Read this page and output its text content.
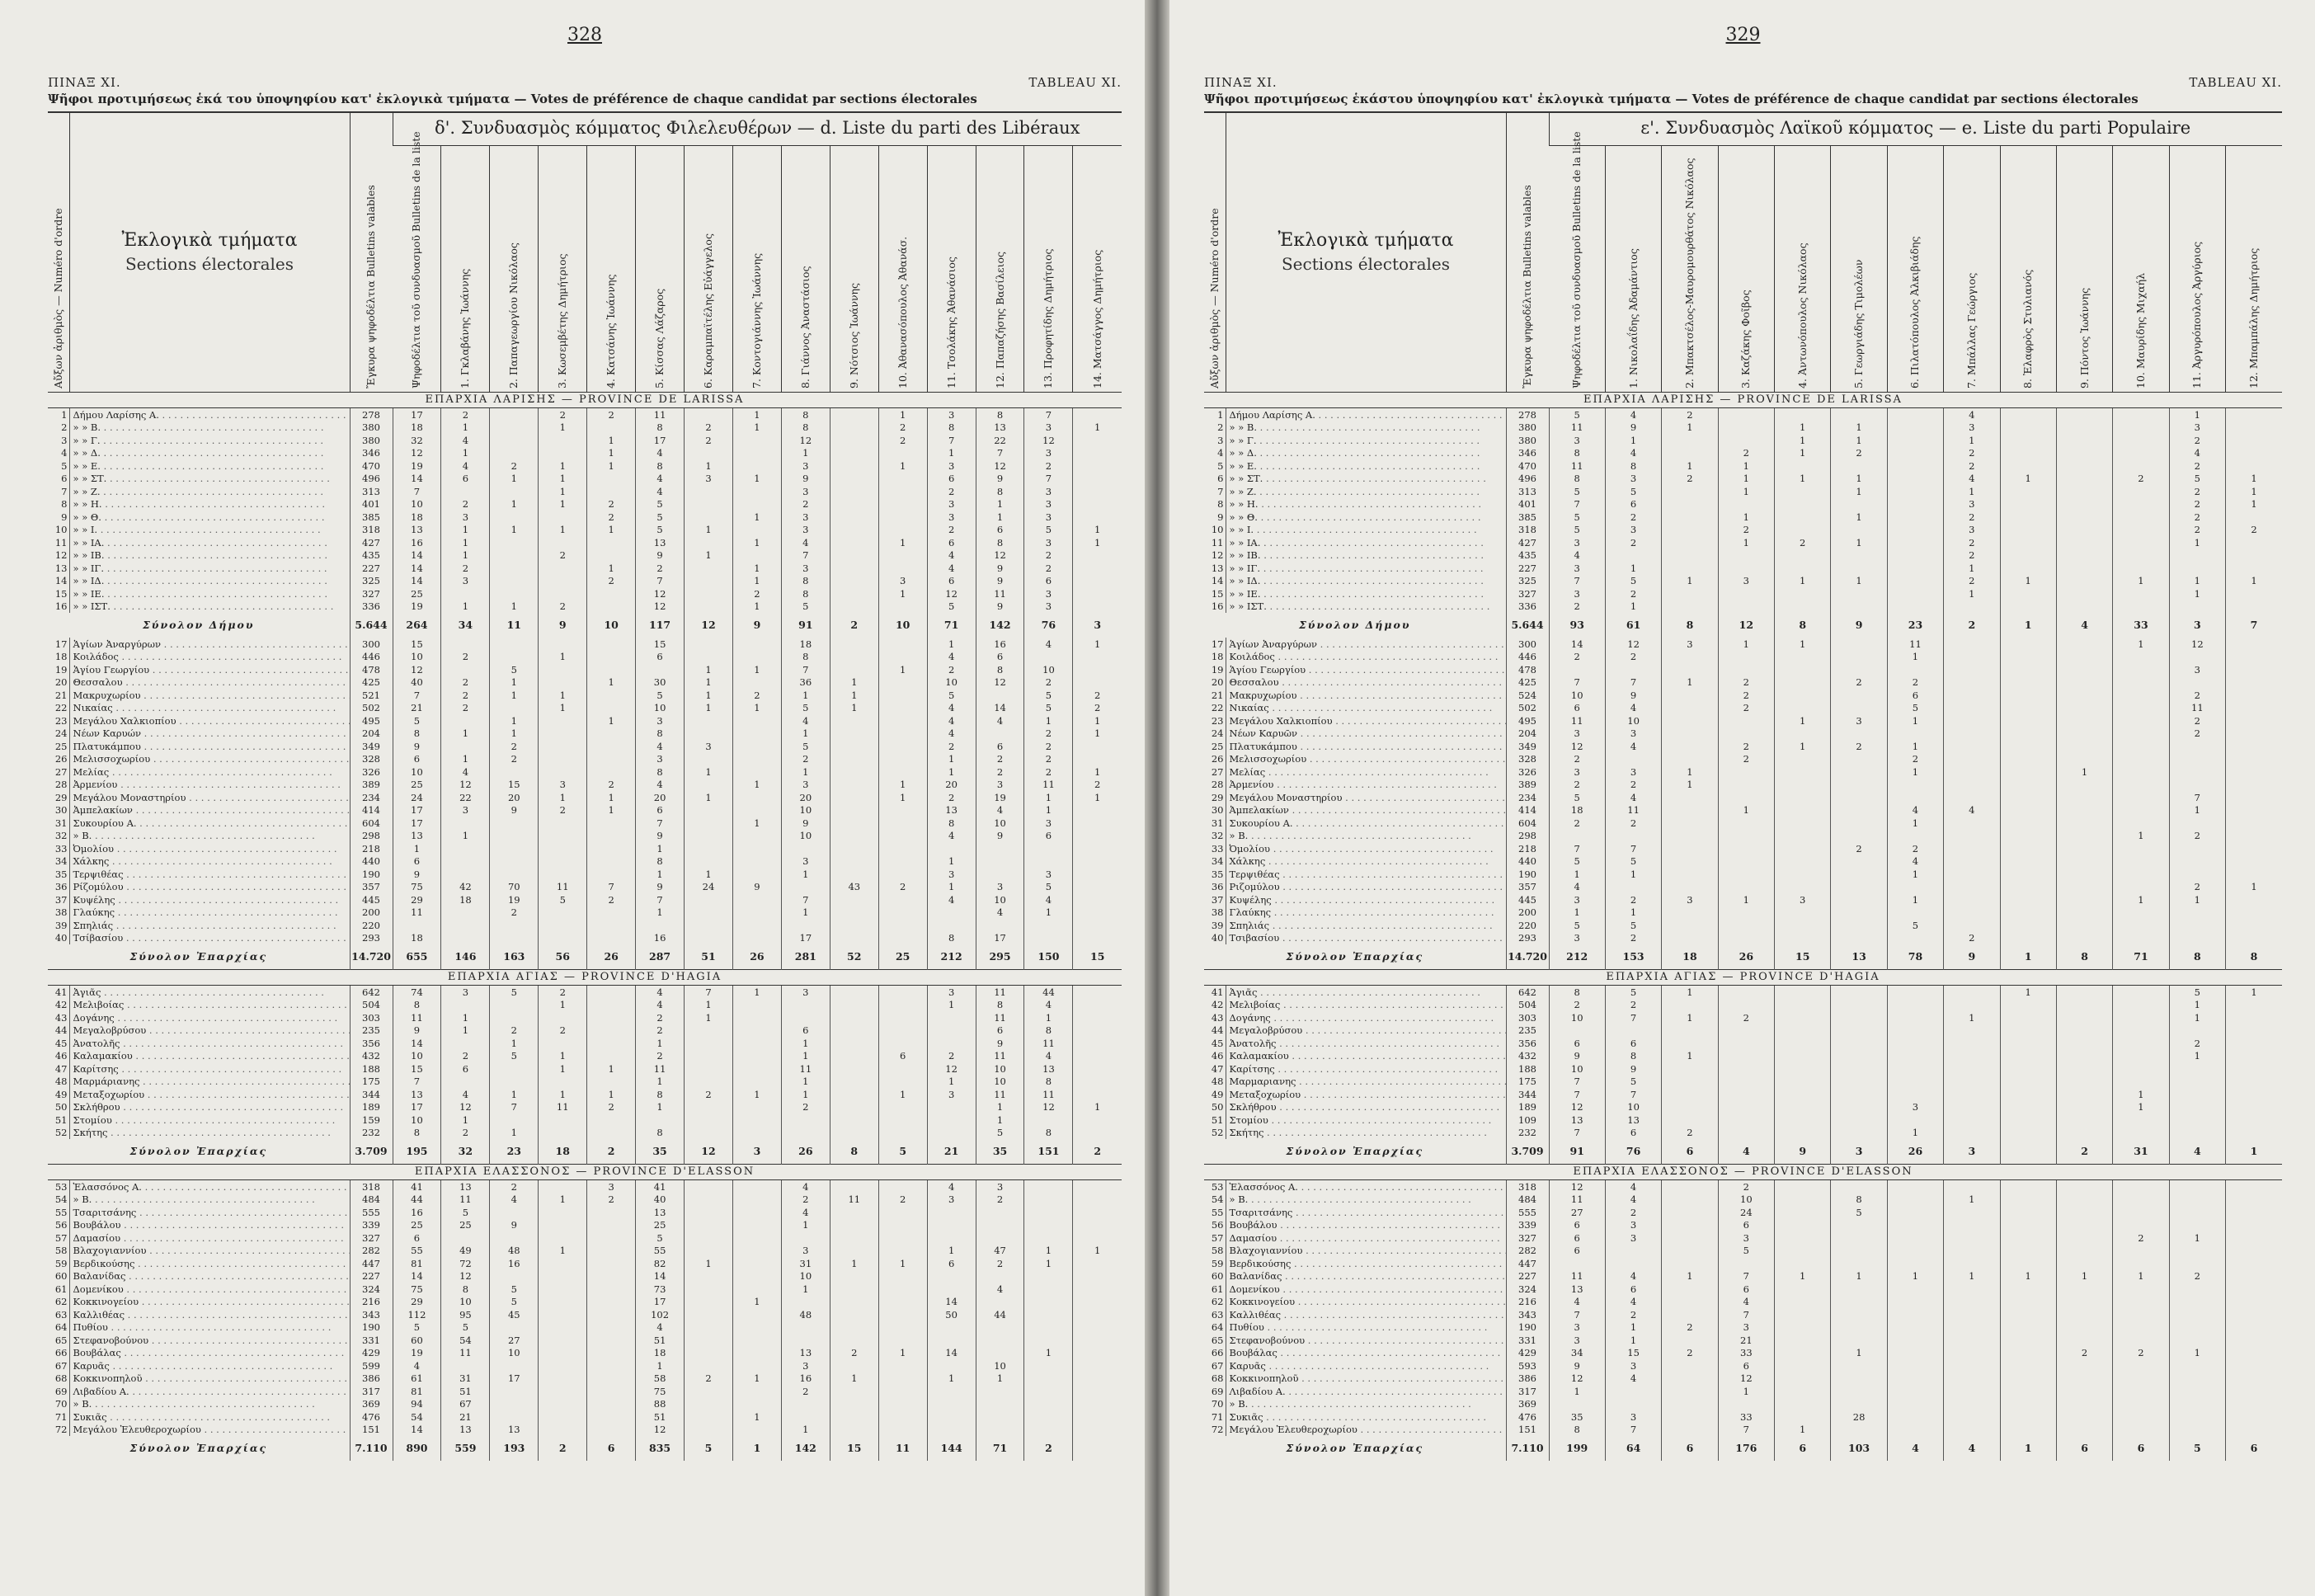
328
ΠΙΝΑΞ XI.	TABLEAU XI.
Ψῆφοι προτιμήσεως ἑκά του ὑποψηφίου κατ' ἐκλογικὰ τμήματα — Votes de préférence de chaque candidat par sections électorales
Αὔξων ἀριθμὸς — Numéro d'ordre	Ἐκλογικὰ τμήματα
Sections électorales	Ἔγκυρα ψηφοδέλτια Bulletins valables	δ'. Συνδυασμὸς κόμματος Φιλελευθέρων — d. Liste du parti des Libéraux														

			Ψηφοδέλτια τοῦ συνδυασμοῦ Bulletins de la liste	1. Γκλαβάνης Ἰωάννης	2. Παπαγεωργίου Νικόλαος	3. Κωσεμβέτης Δημήτριος	4. Κατσάνης Ἰωάννης	5. Κίσσας Λάζαρος	6. Καραμπαϊτέλης Εὐάγγελος	7. Κοντογιάννης Ἰωάννης	8. Γιάννος Ἀναστάσιος	9. Νότσιος Ἰωάννης	10. Ἀθανασόπουλος Ἀθανάσ.	11. Τσολάκης Ἀθανάσιος	12. Παπαζήσης Βασίλειος	13. Προφητίδης Δημήτριος	14. Ματσάγγος Δημήτριος

ΕΠΑΡΧΙΑ ΛΑΡΙΣΗΣ — PROVINCE DE LARISSA																	
1	Δήμου Λαρίσης Α. . . .	278	17	2		2	2	11		1	8		1	3	8	7	
2	» » Β. . . .	380	18	1		1		8	2	1	8		2	8	13	3	1
3	» » Γ. . . .	380	32	4			1	17	2		12		2	7	22	12	
4	» » Δ. . . .	346	12	1			1	4			1			1	7	3	
5	» » Ε. . . .	470	19	4	2	1	1	8	1		3		1	3	12	2	
6	» » ΣΤ. . . .	496	14	6	1	1		4	3	1	9			6	9	7	
7	» » Ζ. . . .	313	7			1		4			3			2	8	3	
8	» » Η. . . .	401	10	2	1	1	2	5			2			3	1	3	
9	» » Θ. . . .	385	18	3			2	5		1	3			3	1	3	
10	» » Ι. . . .	318	13	1	1	1	1	5	1		3			2	6	5	1
11	» » ΙΑ. . . .	427	16	1				13		1	4		1	6	8	3	1
12	» » ΙΒ. . . .	435	14	1		2		9	1		7			4	12	2	
13	» » ΙΓ. . . .	227	14	2			1	2		1	3			4	9	2	
14	» » ΙΔ. . . .	325	14	3			2	7		1	8		3	6	9	6	
15	» » ΙΕ. . . .	327	25					12		2	8		1	12	11	3	
16	» » ΙΣΤ. . . .	336	19	1	1	2		12		1	5			5	9	3	
Σύνολον Δήμου		5.644	264	34	11	9	10	117	12	9	91	2	10	71	142	76	3
17	Ἁγίων Ἀναργύρων . . .	300	15					15			18			1	16	4	1
18	Κοιλάδος . . .	446	10	2		1		6			8			4	6		
19	Ἁγίου Γεωργίου . . .	478	12		5				1	1	7		1	2	8	10	
20	Θεσσαλου . . .	425	40	2	1		1	30	1		36	1		10	12	2	
21	Μακρυχωρίου . . .	521	7	2	1	1		5	1	2	1	1		5		5	2
22	Νικαίας . . .	502	21	2		1		10	1	1	5	1		4	14	5	2
23	Μεγάλου Χαλκιοπίου . . .	495	5		1		1	3			4			4	4	1	1
24	Νέων Καρυών . . .	204	8	1	1			8			1			4		2	1
25	Πλατυκάμπου . . .	349	9		2			4	3		5			2	6	2	
26	Μελισσοχωρίου . . .	328	6	1	2			3			2			1	2	2	
27	Μελίας . . .	326	10	4				8	1		1			1	2	2	1
28	Ἀρμενίου . . .	389	25	12	15	3	2	4		1	3		1	20	3	11	2
29	Μεγάλου Μοναστηρίου . . .	234	24	22	20	1	1	20	1		20		1	2	19	1	1
30	Ἀμπελακίων . . .	414	17	3	9	2	1	6			10			13	4	1	
31	Συκουρίου Α. . . .	604	17					7		1	9			8	10	3	
32	» Β. . . .	298	13	1				9			10			4	9	6	
33	Ὀμολίου . . .	218	1					1									
34	Χάλκης . . .	440	6					8			3			1			
35	Τερψιθέας . . .	190	9					1	1		1			3		3	
36	Ρίζομύλου . . .	357	75	42	70	11	7	9	24	9		43	2	1	3	5	
37	Κυψέλης . . .	445	29	18	19	5	2	7			7			4	10	4	
38	Γλαύκης . . .	200	11		2			1			1				4	1	
39	Σπηλιάς . . .	220															
40	Τσίβασίου . . .	293	18					16			17			8	17		
Σύνολον Ἐπαρχίας		14.720	655	146	163	56	26	287	51	26	281	52	25	212	295	150	15
ΕΠΑΡΧΙΑ ΑΓΙΑΣ — PROVINCE D'HAGIA																	
41	Ἀγιᾶς . . .	642	74	3	5	2		4	7	1	3			3	11	44	
42	Μελιβοίας . . .	504	8			1		4	1					1	8	4	
43	Δογάνης . . .	303	11	1				2	1						11	1	
44	Μεγαλοβρύσου . . .	235	9	1	2	2		2			6				6	8	
45	Ἀνατολῆς . . .	356	14		1			1			1				9	11	
46	Καλαμακίου . . .	432	10	2	5	1		2			1		6	2	11	4	
47	Καρίτσης . . .	188	15	6		1	1	11			11			12	10	13	
48	Μαρμάριανης . . .	175	7					1			1			1	10	8	
49	Μεταξοχωρίου . . .	344	13	4	1	1	1	8	2	1	1		1	3	11	11	
50	Σκλήθρου . . .	189	17	12	7	11	2	1			2				1	12	1
51	Στομίου . . .	159	10	1											1		
52	Σκήτης . . .	232	8	2	1			8							5	8	
Σύνολον Ἐπαρχίας		3.709	195	32	23	18	2	35	12	3	26	8	5	21	35	151	2
ΕΠΑΡΧΙΑ ΕΛΑΣΣΟΝΟΣ — PROVINCE D'ELASSON																	
53	Ἐλασσόνος Α. . . .	318	41	13	2		3	41			4			4	3		
54	» Β. . . .	484	44	11	4	1	2	40			2	11	2	3	2		
55	Τσαριτσάνης . . .	555	16	5				13			4						
56	Βουβάλου . . .	339	25	25	9			25			1						
57	Δαμασίου . . .	327	6					5									
58	Βλαχογιαννίου . . .	282	55	49	48	1		55			3			1	47	1	1
59	Βερδικούσης . . .	447	81	72	16			82	1		31	1	1	6	2	1	
60	Βαλανίδας . . .	227	14	12				14			10						
61	Δομενίκου . . .	324	75	8	5			73			1				4		
62	Κοκκινογείου . . .	216	29	10	5			17		1				14			
63	Καλλιθέας . . .	343	112	95	45			102			48			50	44		
64	Πυθίου . . .	190	5	5				4									
65	Στεφανοβούνου . . .	331	60	54	27			51									
66	Βουβάλας . . .	429	19	11	10			18			13	2	1	14		1	
67	Καρυᾶς . . .	599	4					1			3				10		
68	Κοκκινοπηλοῦ . . .	386	61	31	17			58	2	1	16	1		1	1		
69	Λιβαδίου Α. . . .	317	81	51				75			2						
70	» Β. . . .	369	94	67				88									
71	Συκιᾶς . . .	476	54	21				51		1							
72	Μεγάλου Ἐλευθεροχωρίου . . .	151	14	13	13			12			1						
Σύνολον Ἐπαρχίας		7.110	890	559	193	2	6	835	5	1	142	15	11	144	71	2	
329
ΠΙΝΑΞ XI.	TABLEAU XI.
Ψῆφοι προτιμήσεως ἑκάστου ὑποψηφίου κατ' ἐκλογικὰ τμήματα — Votes de préférence de chaque candidat par sections électorales
Αὔξων ἀριθμὸς — Numéro d'ordre	Ἐκλογικὰ τμήματα
Sections électorales	Ἔγκυρα ψηφοδέλτια Bulletins valables	ε'. Συνδυασμὸς Λαϊκοῦ κόμματος — e. Liste du parti Populaire												

			Ψηφοδέλτια τοῦ συνδυασμοῦ Bulletins de la liste	1. Νικολαΐδης Ἀδαμάντιος	2. Μπακτσέλος-Μαυρομουρθάτος Νικόλαος	3. Καζάκης Φοῖβος	4. Ἀντωνόπουλος Νικόλαος	5. Γεωργιάδης Τιμολέων	6. Πιλατόπουλος Ἀλκιβιάδης	7. Μπάλλας Γεώργιος	8. Ἐλαφρὸς Στυλιανός	9. Πόντος Ἰωάννης	10. Μαυρίδης Μιχαήλ	11. Ἀργυρόπουλος Ἀργύριος	12. Μπαμπάλης Δημήτριος

ΕΠΑΡΧΙΑ ΛΑΡΙΣΗΣ — PROVINCE DE LARISSA															
1	Δήμου Λαρίσης Α. . . .	278	5	4	2					4				1	
2	» » Β. . . .	380	11	9	1		1	1		3				3	
3	» » Γ. . . .	380	3	1			1	1		1				2	
4	» » Δ. . . .	346	8	4		2	1	2		2				4	
5	» » Ε. . . .	470	11	8	1	1				2				2	
6	» » ΣΤ. . . .	496	8	3	2	1	1	1		4	1		2	5	1
7	» » Ζ. . . .	313	5	5		1		1		1				2	1
8	» » Η. . . .	401	7	6						3				2	1
9	» » Θ. . . .	385	5	2		1		1		2				2	
10	» » Ι. . . .	318	5	3		2				3				2	2
11	» » ΙΑ. . . .	427	3	2		1	2	1		2				1	
12	» » ΙΒ. . . .	435	4							2					
13	» » ΙΓ. . . .	227	3	1						1					
14	» » ΙΔ. . . .	325	7	5	1	3	1	1		2	1		1	1	1
15	» » ΙΕ. . . .	327	3	2						1				1	
16	» » ΙΣΤ. . . .	336	2	1											
Σύνολον Δήμου		5.644	93	61	8	12	8	9	23	2	1	4	33	3	7
17	Ἁγίων Ἀναργύρων . . .	300	14	12	3	1	1		11				1	12	
18	Κοιλάδος . . .	446	2	2					1						
19	Ἁγίου Γεωργίου . . .	478												3	
20	Θεσσαλου . . .	425	7	7	1	2		2	2						
21	Μακρυχωρίου . . .	524	10	9		2			6					2	
22	Νικαίας . . .	502	6	4		2			5					11	
23	Μεγάλου Χαλκιοπίου . . .	495	11	10			1	3	1					2	
24	Νέων Καρυῶν . . .	204	3	3										2	
25	Πλατυκάμπου . . .	349	12	4		2	1	2	1						
26	Μελισσοχωρίου . . .	328	2			2			2						
27	Μελίας . . .	326	3	3	1				1			1			
28	Ἀρμενίου . . .	389	2	2	1										
29	Μεγάλου Μοναστηρίου . . .	234	5	4										7	
30	Ἀμπελακίων . . .	414	18	11		1			4	4				1	
31	Συκουρίου Α. . . .	604	2	2					1						
32	» Β. . . .	298											1	2	
33	Ὀμολίου . . .	218	7	7				2	2						
34	Χάλκης . . .	440	5	5					4						
35	Τερψιθέας . . .	190	1	1					1						
36	Ριζομύλου . . .	357	4											2	1
37	Κυψέλης . . .	445	3	2	3	1	3		1				1	1	
38	Γλαύκης . . .	200	1	1											
39	Σπηλιάς . . .	220	5	5					5						
40	Τσιβασίου . . .	293	3	2						2					
Σύνολον Ἐπαρχίας		14.720	212	153	18	26	15	13	78	9	1	8	71	8	8
ΕΠΑΡΧΙΑ ΑΓΙΑΣ — PROVINCE D'HAGIA															
41	Ἀγιᾶς . . .	642	8	5	1						1			5	1
42	Μελιβοίας . . .	504	2	2										1	
43	Δογάνης . . .	303	10	7	1	2				1				1	
44	Μεγαλοβρύσου . . .	235													
45	Ἀνατολῆς . . .	356	6	6										2	
46	Καλαμακίου . . .	432	9	8	1									1	
47	Καρίτσης . . .	188	10	9											
48	Μαρμαριανης . . .	175	7	5											
49	Μεταξοχωρίου . . .	344	7	7									1		
50	Σκλήθρου . . .	189	12	10					3				1		
51	Στομίου . . .	109	13	13											
52	Σκήτης . . .	232	7	6	2				1						
Σύνολον Ἐπαρχίας		3.709	91	76	6	4	9	3	26	3		2	31	4	1
ΕΠΑΡΧΙΑ ΕΛΑΣΣΟΝΟΣ — PROVINCE D'ELASSON															
53	Ἐλασσόνος Α. . . .	318	12	4		2									
54	» Β. . . .	484	11	4		10		8		1					
55	Τσαριτσάνης . . .	555	27	2		24		5							
56	Βουβάλου . . .	339	6	3		6									
57	Δαμασίου . . .	327	6	3		3							2	1	
58	Βλαχογιαννίου . . .	282	6			5									
59	Βερδικούσης . . .	447													
60	Βαλανίδας . . .	227	11	4	1	7	1	1	1	1	1	1	1	2	
61	Δομενίκου . . .	324	13	6		6									
62	Κοκκινογείου . . .	216	4	4		4									
63	Καλλιθέας . . .	343	7	2		7									
64	Πυθίου . . .	190	3	1	2	3									
65	Στεφανοβούνου . . .	331	3	1		21									
66	Βουβάλας . . .	429	34	15	2	33		1				2	2	1	
67	Καρυᾶς . . .	593	9	3		6									
68	Κοκκινοπηλοῦ . . .	386	12	4		12									
69	Λιβαδίου Α. . . .	317	1			1									
70	» Β. . . .	369													
71	Συκιᾶς . . .	476	35	3		33		28							
72	Μεγάλου Ἐλευθεροχωρίου . . .	151	8	7		7	1								
Σύνολον Ἐπαρχίας		7.110	199	64	6	176	6	103	4	4	1	6	6	5	6
